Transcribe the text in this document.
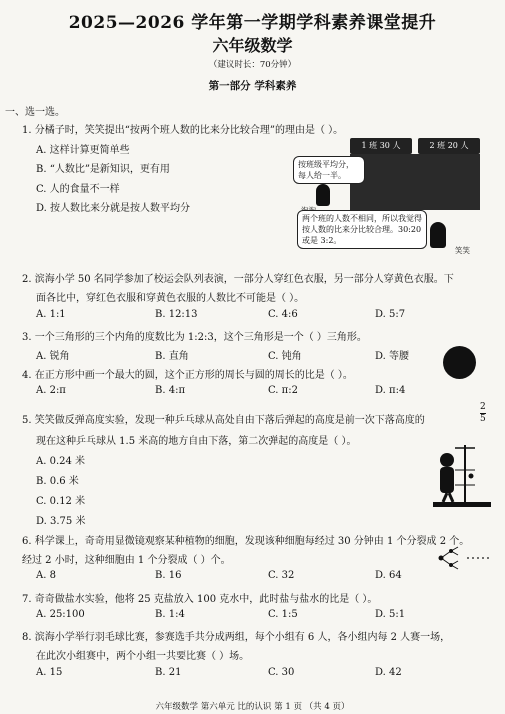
2025—2026 学年第一学期学科素养课堂提升
六年级数学
（建议时长：70分钟）
第一部分 学科素养
一、选一选。
1. 分橘子时，笑笑提出“按两个班人数的比来分比较合理”的理由是（ ）。
A. 这样计算更简单些
B. “人数比”是新知识，更有用
C. 人的食量不一样
D. 按人数比来分就是按人数平均分
1 班 30 人	2 班 20 人
按班级平均分，每人给一半。
两个班的人数不相同，所以我觉得按人数的比来分比较合理。30:20 或是 3:2。
笑笑
2. 滨海小学 50 名同学参加了校运会队列表演，一部分人穿红色衣服，另一部分人穿黄色衣服。下
面各比中，穿红色衣服和穿黄色衣服的人数比不可能是（ ）。
A. 1:1	B. 12:13	C. 4:6	D. 5:7
3. 一个三角形的三个内角的度数比为 1:2:3，这个三角形是一个（ ）三角形。
A. 锐角	B. 直角	C. 钝角	D. 等腰
4. 在正方形中画一个最大的圆，这个正方形的周长与圆的周长的比是（ ）。
A. 2:π	B. 4:π	C. π:2	D. π:4
5. 笑笑做反弹高度实验，发现一种乒乓球从高处自由下落后弹起的高度是前一次下落高度的	$\frac{2}{5}$
现在这种乒乓球从 1.5 米高的地方自由下落，第二次弹起的高度是（ ）。
A. 0.24 米
B. 0.6 米
C. 0.12 米
D. 3.75 米
6. 科学课上，奇奇用显微镜观察某种植物的细胞，发现该种细胞每经过 30 分钟由 1 个分裂成 2 个。
经过 2 小时，这种细胞由 1 个分裂成（ ）个。
A. 8	B. 16	C. 32	D. 64
7. 奇奇做盐水实验，他将 25 克盐放入 100 克水中，此时盐与盐水的比是（ ）。
A. 25:100	B. 1:4	C. 1:5	D. 5:1
8. 滨海小学举行羽毛球比赛，参赛选手共分成两组，每个小组有 6 人，各小组内每 2 人赛一场，
在此次小组赛中，两个小组一共要比赛（ ）场。
A. 15	B. 21	C. 30	D. 42
六年级数学 第六单元 比的认识 第 1 页 （共 4 页）
